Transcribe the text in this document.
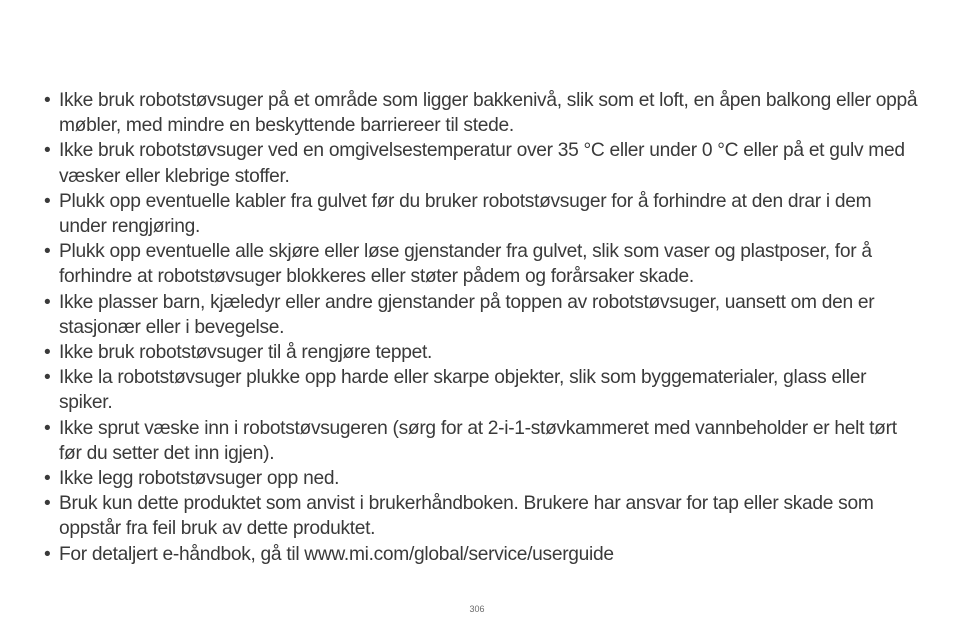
• Ikke bruk robotstøvsuger på et område som ligger bakkenivå, slik som et loft, en åpen balkong eller oppå møbler, med mindre en beskyttende barriereer til stede.
• Ikke bruk robotstøvsuger ved en omgivelsestemperatur over 35 °C eller under 0 °C eller på et gulv med væsker eller klebrige stoffer.
• Plukk opp eventuelle kabler fra gulvet før du bruker robotstøvsuger for å forhindre at den drar i dem under rengjøring.
• Plukk opp eventuelle alle skjøre eller løse gjenstander fra gulvet, slik som vaser og plastposer, for å forhindre at robotstøvsuger blokkeres eller støter pådem og forårsaker skade.
• Ikke plasser barn, kjæledyr eller andre gjenstander på toppen av robotstøvsuger, uansett om den er stasjonær eller i bevegelse.
• Ikke bruk robotstøvsuger til å rengjøre teppet.
• Ikke la robotstøvsuger plukke opp harde eller skarpe objekter, slik som byggematerialer, glass eller spiker.
• Ikke sprut væske inn i robotstøvsugeren (sørg for at 2-i-1-støvkammeret med vannbeholder er helt tørt før du setter det inn igjen).
• Ikke legg robotstøvsuger opp ned.
• Bruk kun dette produktet som anvist i brukerhåndboken. Brukere har ansvar for tap eller skade som oppstår fra feil bruk av dette produktet.
• For detaljert e-håndbok, gå til www.mi.com/global/service/userguide
306
